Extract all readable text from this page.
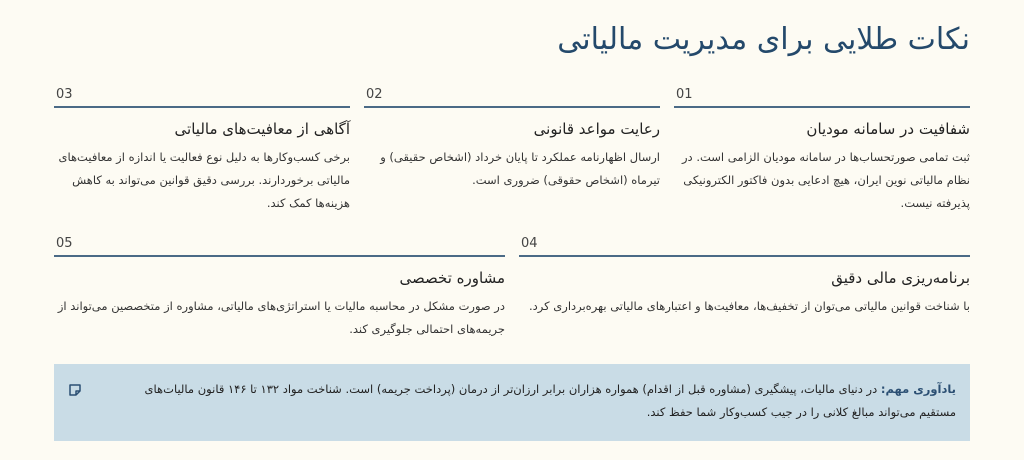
نکات طلایی برای مدیریت مالیاتی
01
شفافیت در سامانه مودیان
ثبت تمامی صورتحساب‌ها در سامانه مودیان الزامی است. در نظام مالیاتی نوین ایران، هیچ ادعایی بدون فاکتور الکترونیکی پذیرفته نیست.
02
رعایت مواعد قانونی
ارسال اظهارنامه عملکرد تا پایان خرداد (اشخاص حقیقی) و تیرماه (اشخاص حقوقی) ضروری است.
03
آگاهی از معافیت‌های مالیاتی
برخی کسب‌وکارها به دلیل نوع فعالیت یا اندازه از معافیت‌های مالیاتی برخوردارند. بررسی دقیق قوانین می‌تواند به کاهش هزینه‌ها کمک کند.
04
برنامه‌ریزی مالی دقیق
با شناخت قوانین مالیاتی می‌توان از تخفیف‌ها، معافیت‌ها و اعتبارهای مالیاتی بهره‌برداری کرد.
05
مشاوره تخصصی
در صورت مشکل در محاسبه مالیات یا استراتژی‌های مالیاتی، مشاوره از متخصصین می‌تواند از جریمه‌های احتمالی جلوگیری کند.

یادآوری مهم: در دنیای مالیات، پیشگیری (مشاوره قبل از اقدام) همواره هزاران برابر ارزان‌تر از درمان (پرداخت جریمه) است. شناخت مواد ۱۳۲ تا ۱۴۶ قانون مالیات‌های مستقیم می‌تواند مبالغ کلانی را در جیب کسب‌وکار شما حفظ کند.
